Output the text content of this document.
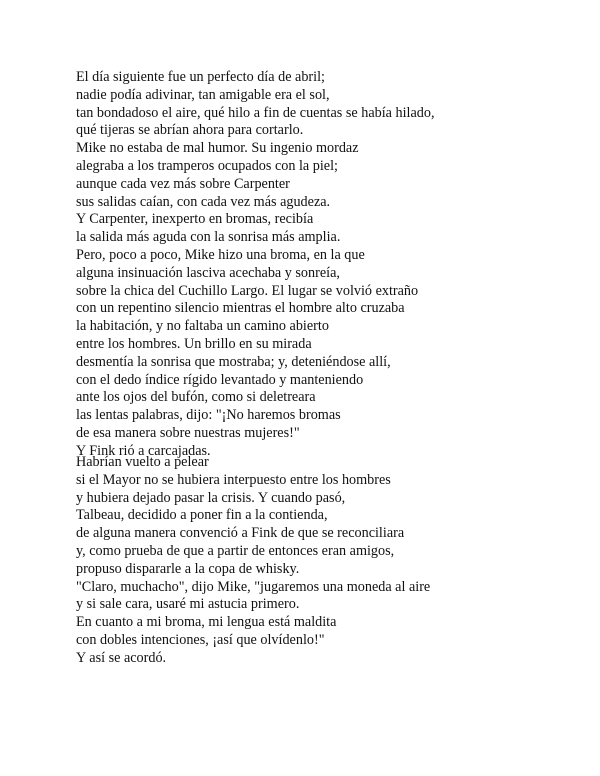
El día siguiente fue un perfecto día de abril;
nadie podía adivinar, tan amigable era el sol,
tan bondadoso el aire, qué hilo a fin de cuentas se había hilado,
qué tijeras se abrían ahora para cortarlo.
Mike no estaba de mal humor. Su ingenio mordaz
alegraba a los tramperos ocupados con la piel;
aunque cada vez más sobre Carpenter
sus salidas caían, con cada vez más agudeza.
Y Carpenter, inexperto en bromas, recibía
la salida más aguda con la sonrisa más amplia.
Pero, poco a poco, Mike hizo una broma, en la que
alguna insinuación lasciva acechaba y sonreía,
sobre la chica del Cuchillo Largo. El lugar se volvió extraño
con un repentino silencio mientras el hombre alto cruzaba
la habitación, y no faltaba un camino abierto
entre los hombres. Un brillo en su mirada
desmentía la sonrisa que mostraba; y, deteniéndose allí,
con el dedo índice rígido levantado y manteniendo
ante los ojos del bufón, como si deletreara
las lentas palabras, dijo: "¡No haremos bromas
de esa manera sobre nuestras mujeres!"
Y Fink rió a carcajadas.
Habrían vuelto a pelear
si el Mayor no se hubiera interpuesto entre los hombres
y hubiera dejado pasar la crisis. Y cuando pasó,
Talbeau, decidido a poner fin a la contienda,
de alguna manera convenció a Fink de que se reconciliara
y, como prueba de que a partir de entonces eran amigos,
propuso dispararle a la copa de whisky.
"Claro, muchacho", dijo Mike, "jugaremos una moneda al aire
y si sale cara, usaré mi astucia primero.
En cuanto a mi broma, mi lengua está maldita
con dobles intenciones, ¡así que olvídenlo!"
Y así se acordó.
